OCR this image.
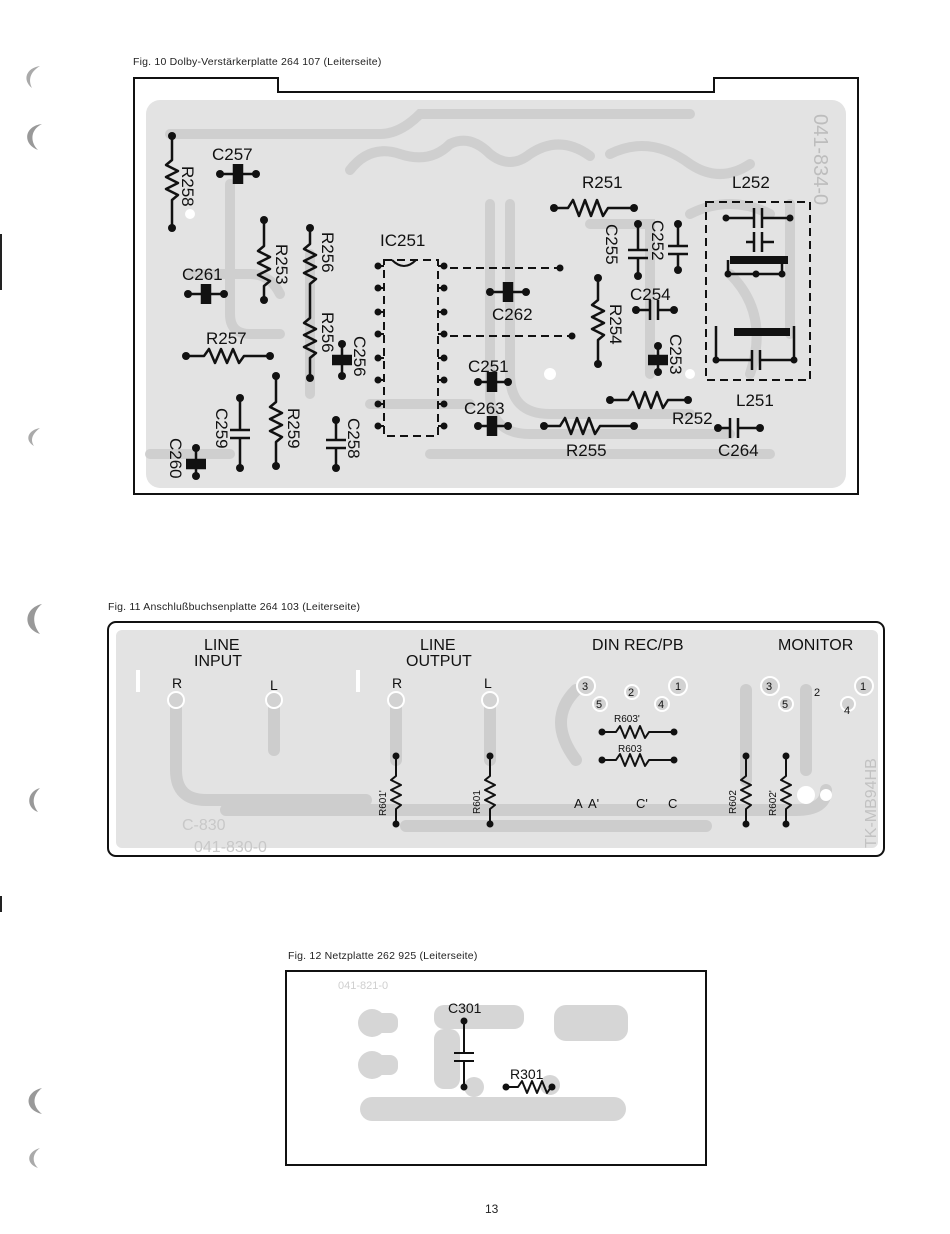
Fig. 10 Dolby-Verstärkerplatte 264 107 (Leiterseite)
C257
R258
R253 R256
R256
IC251
R251	L252
C255 C252
C254
C261
R257
C262	R254
C256	C253
C251
C263
R252
L251
C259	R259 C258
C260	R255	C264
041-834-0
Fig. 11 Anschlußbuchsenplatte 264 103 (Leiterseite)
LINE
INPUT
LINE
OUTPUT
DIN REC/PB	MONITOR
R	L	R	L	3	2	1
5	4
3	2	1
5	4
R603'
R603
R601'	R601	R602	R602'
A A'	C' C
C-830
041-830-0	TK-MB94HB
Fig. 12 Netzplatte 262 925 (Leiterseite)
C301
R301
041-821-0
13
